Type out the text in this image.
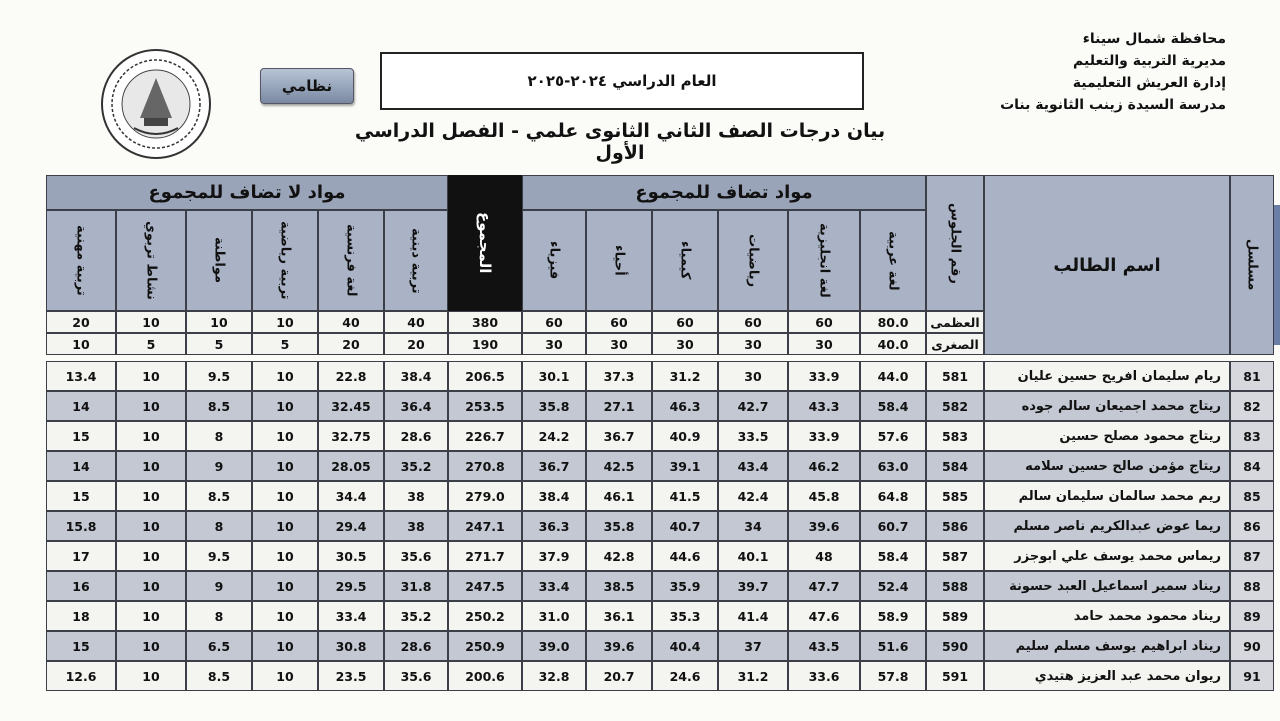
نظامي	العام الدراسي ٢٠٢٤-٢٠٢٥
بيان درجات الصف الثاني الثانوى علمي - الفصل الدراسي الأول
محافظة شمال سيناء
مديرية التربية والتعليم
إدارة العريش التعليمية
مدرسة السيدة زينب الثانوية بنات
مواد لا تضاف للمجموع	مواد تضاف للمجموع
المجموع
تربية مهنية	نشاط تربوي	مواطنة	تربية رياضية	لغة فرنسية	تربية دينية	فيزياء	أحياء	كيمياء	رياضيات	لغة انجليزية	لغة عربية	رقم الجلوس	اسم الطالب	مسلسل
20	10	10	10	40	40	380	60	60	60	60	60	80.0	العظمى
10	5	5	5	20	20	190	30	30	30	30	30	40.0	الصغرى
13.4	10	9.5	10	22.8	38.4	206.5	30.1	37.3	31.2	30	33.9	44.0	581	ريام سليمان افريح حسين عليان	81
14	10	8.5	10	32.45	36.4	253.5	35.8	27.1	46.3	42.7	43.3	58.4	582	ريتاج محمد اجميعان سالم جوده	82
15	10	8	10	32.75	28.6	226.7	24.2	36.7	40.9	33.5	33.9	57.6	583	ريتاج محمود مصلح حسين	83
14	10	9	10	28.05	35.2	270.8	36.7	42.5	39.1	43.4	46.2	63.0	584	ريتاج مؤمن صالح حسين سلامه	84
15	10	8.5	10	34.4	38	279.0	38.4	46.1	41.5	42.4	45.8	64.8	585	ريم محمد سالمان سليمان سالم	85
15.8	10	8	10	29.4	38	247.1	36.3	35.8	40.7	34	39.6	60.7	586	ريما عوض عبدالكريم ناصر مسلم	86
17	10	9.5	10	30.5	35.6	271.7	37.9	42.8	44.6	40.1	48	58.4	587	ريماس محمد يوسف علي ابوجزر	87
16	10	9	10	29.5	31.8	247.5	33.4	38.5	35.9	39.7	47.7	52.4	588	ريناد سمير اسماعيل العبد حسونة	88
18	10	8	10	33.4	35.2	250.2	31.0	36.1	35.3	41.4	47.6	58.9	589	ريناد محمود محمد حامد	89
15	10	6.5	10	30.8	28.6	250.9	39.0	39.6	40.4	37	43.5	51.6	590	ريناد ابراهيم يوسف مسلم سليم	90
12.6	10	8.5	10	23.5	35.6	200.6	32.8	20.7	24.6	31.2	33.6	57.8	591	ريوان محمد عبد العزيز هتيدي	91
